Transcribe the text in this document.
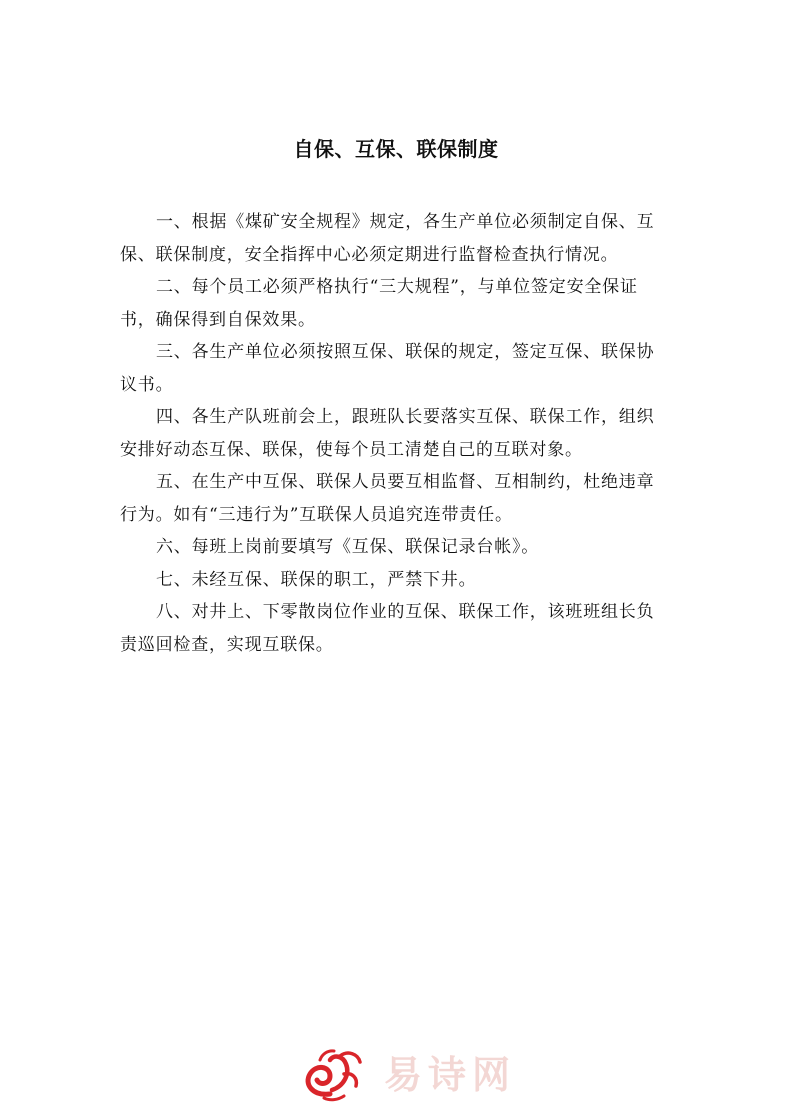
自保、互保、联保制度

一、根据《煤矿安全规程》规定，各生产单位必须制定自保、互保、联保制度，安全指挥中心必须定期进行监督检查执行情况。

二、每个员工必须严格执行“三大规程”，与单位签定安全保证书，确保得到自保效果。

三、各生产单位必须按照互保、联保的规定，签定互保、联保协议书。

四、各生产队班前会上，跟班队长要落实互保、联保工作，组织安排好动态互保、联保，使每个员工清楚自己的互联对象。

五、在生产中互保、联保人员要互相监督、互相制约，杜绝违章行为。如有“三违行为”互联保人员追究连带责任。

六、每班上岗前要填写《互保、联保记录台帐》。

七、未经互保、联保的职工，严禁下井。

八、对井上、下零散岗位作业的互保、联保工作，该班班组长负责巡回检查，实现互联保。

易诗网
